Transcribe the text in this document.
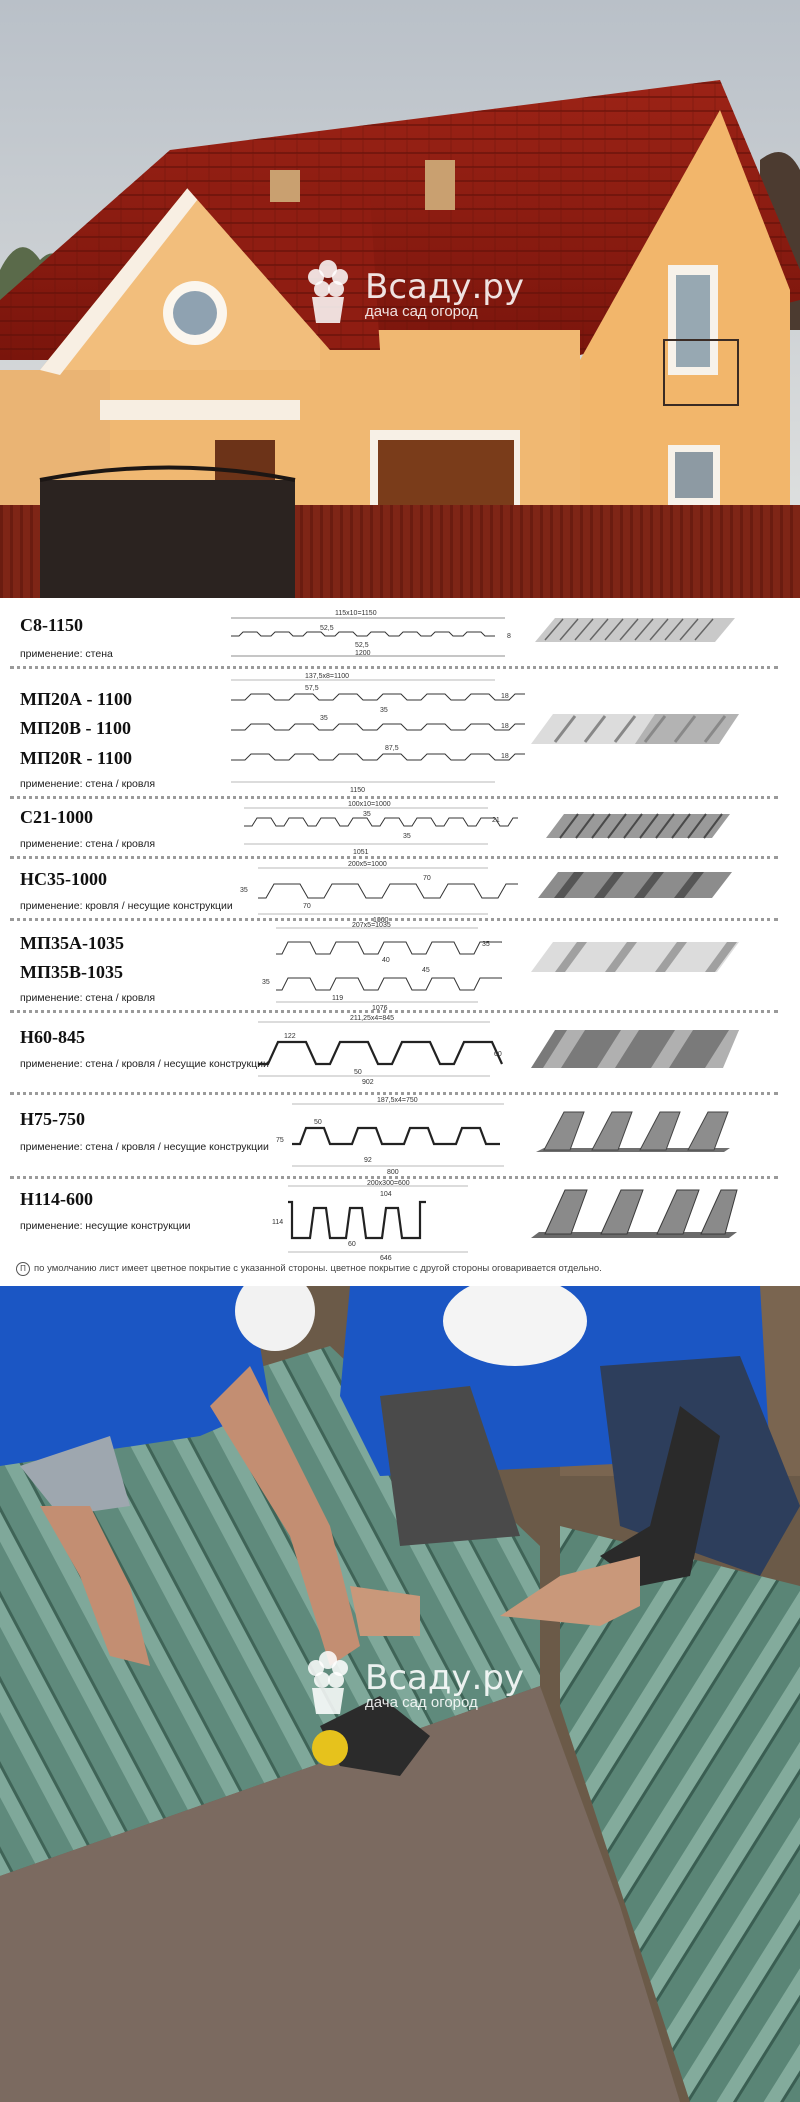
Всаду.ру
дача сад огород
С8-1150
применение: стена
115x10=1150
52,5
52,5
1200
8
МП20А - 1100
МП20В - 1100
МП20R - 1100
применение: стена / кровля
137,5x8=1100
57,5
35
35
87,5
18
18
18
1150
С21-1000
применение: стена / кровля
100x10=1000
35
35
21
1051
НС35-1000
применение: кровля / несущие конструкции
200x5=1000
70
35
70
1060
МП35А-1035
МП35В-1035
применение: стена / кровля
207x5=1035
35
40
45
35
119
1076
Н60-845
применение: стена / кровля / несущие конструкции
211,25x4=845
122
60
50
902
Н75-750
применение: стена / кровля / несущие конструкции
187,5x4=750
50
75
92
800
Н114-600
применение: несущие конструкции
200x300=600
104
114
60
646
П по умолчанию лист имеет цветное покрытие с указанной стороны. цветное покрытие с другой стороны оговаривается отдельно.
Всаду.ру
дача сад огород
